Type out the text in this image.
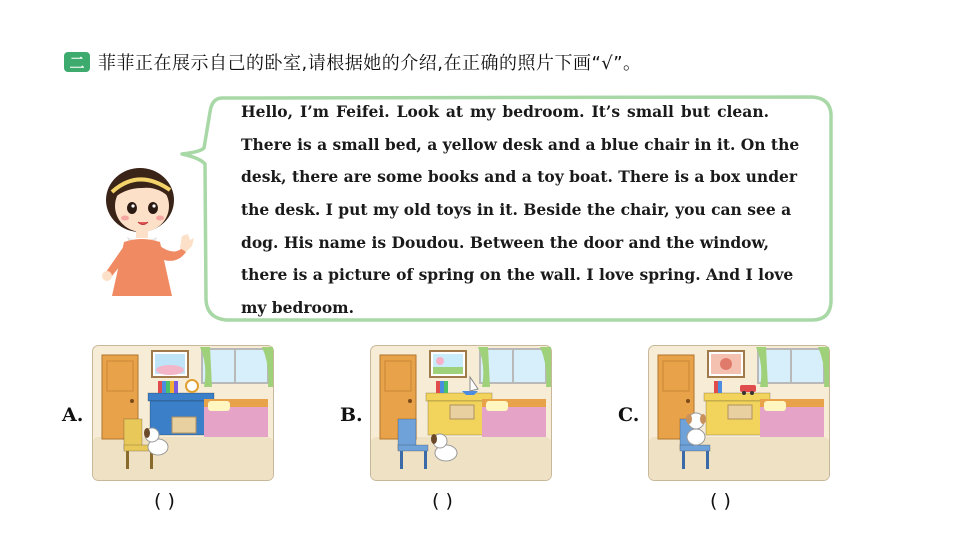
二 菲菲正在展示自己的卧室,请根据她的介绍,在正确的照片下画“√”。
Hello, I’m Feifei. Look at my bedroom. It’s small but clean.
There is a small bed, a yellow desk and a blue chair in it. On the
desk, there are some books and a toy boat. There is a box under
the desk. I put my old toys in it. Beside the chair, you can see a
dog. His name is Doudou. Between the door and the window,
there is a picture of spring on the wall. I love spring. And I love
my bedroom.
A.	B.	C.
( )	( )	( )
